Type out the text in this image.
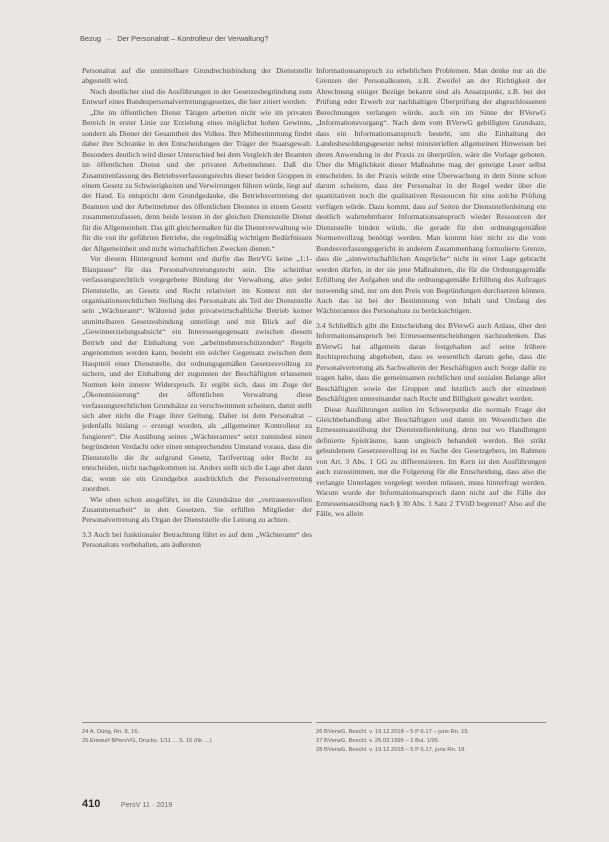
Bezug – Der Personalrat – Kontrolleur der Verwaltung?

Personalrat auf die unmittelbare Grundrechtsbindung der Dienststelle abgestellt wird.

Noch deutlicher sind die Ausführungen in der Gesetzesbegründung zum Entwurf eines Bundespersonalvertretungsgesetzes, die hier zitiert werden:

„Die im öffentlichen Dienst Tätigen arbeiten nicht wie im privaten Bereich in erster Linie zur Erzielung eines möglichst hohen Gewinns, sondern als Diener der Gesamtheit des Volkes. Ihre Mitbestimmung findet daher ihre Schranke in den Entscheidungen der Träger der Staatsgewalt. Besonders deutlich wird dieser Unterschied bei dem Vergleich der Beamten im öffentlichen Dienst und der privaten Arbeitnehmer. Daß die Zusammenfassung des Betriebsverfassungsrechts dieser beiden Gruppen in einem Gesetz zu Schwierigkeiten und Verwirrungen führen würde, liegt auf der Hand. Es entspricht dem Grundgedanke, die Betriebsvertretung der Beamten und der Arbeitnehmer des öffentlichen Dienstes in einem Gesetz zusammenzufassen, denn beide leisten in der gleichen Dienststelle Dienst für die Allgemeinheit. Das gilt gleichermaßen für die Dienstverwaltung wie für die von ihr geführten Betriebe, die regelmäßig wichtigen Bedürfnissen der Allgemeinheit und nicht wirtschaftlichen Zwecken dienen.“

Vor diesem Hintergrund kommt und durfte das BetrVG keine „1:1-Blaupause“ für das Personalvertretungsrecht sein. Die scheinbar verfassungsrechtlich vorgegebene Bindung der Verwaltung, also jeder Dienststelle, an Gesetz und Recht relativiert im Kontext mit der organisationsrechtlichen Stellung des Personalrats als Teil der Dienststelle sein „Wächteramt“. Während jeder privatwirtschaftliche Betrieb keiner unmittelbaren Gesetzesbindung unterliegt und mit Blick auf die „Gewinnerzielungsabsicht“ ein Interessengegensatz zwischen diesem Betrieb und der Einhaltung von „arbeitnehmerschützenden“ Regeln angenommen werden kann, besteht ein solcher Gegensatz zwischen dem Hauptteil einer Dienststelle, der ordnungsgemäßen Gesetzesvollzug zu sichern, und der Einhaltung der zugunsten der Beschäftigten erlassenen Normen kein innerer Widerspruch. Er ergibt sich, dass im Zuge der „Ökonomisierung“ der öffentlichen Verwaltung diese verfassungsrechtlichen Grundsätze zu verschwimmen scheinen, damit stellt sich aber nicht die Frage ihrer Geltung. Daher ist dem Personalrat – jedenfalls bislang – erzeugt worden, als „allgemeiner Kontrolleur zu fungieren“. Die Ausübung seines „Wächteramtes“ setzt zumindest einen begründeten Verdacht oder einen entsprechenden Umstand voraus, dass die Dienststelle die ihr aufgrund Gesetz, Tarifvertrag oder Recht zu entscheiden, nicht nachgekommen ist. Anders stellt sich die Lage aber dann dar, wenn sie ein Grundgebot ausdrücklich der Personalvertretung zuordnet.

Wie oben schon ausgeführt, ist die Grundsätze der „vertrauensvollen Zusammenarbeit“ in den Gesetzen. Sie erfüllen Mitglieder der Personalvertretung als Organ der Dienststelle die Leitung zu achten.

3.3 Auch bei funktionaler Betrachtung führt es auf dem „Wächteramt“ des Personalrats vorbehalten, am äußersten

Informationsanspruch zu erheblichen Problemen. Man denke nur an die Grenzen der Personalkosten, z.B. Zweifel an der Richtigkeit der Abrechnung einiger Bezüge bekannt sind als Ansatzpunkt, z.B. bei der Prüfung oder Erwerb zur nachhaltigen Überprüfung der abgeschlossenen Berechnungen verlangen würde, auch ein im Sinne der BVerwG „Informationsvorgang“. Nach dem vom BVerwG gebilligten Grundsatz, dass ein Informationsanspruch besteht, um die Einhaltung der Landesbesoldungsgesetze nebst ministeriellen allgemeinen Hinweisen bei deren Anwendung in der Praxis zu überprüfen, wäre die Vorlage geboten. Über die Möglichkeit dieser Maßnahme mag der geneigte Leser selbst entscheiden. In der Praxis würde eine Überwachung in dem Sinne schon darum scheitern, dass der Personalrat in der Regel weder über die quantitativen noch die qualitativen Ressourcen für eine solche Prüfung verfügen würde. Dazu kommt, dass auf Seiten der Dienststellenleitung ein deutlich wahrnehmbarer Informationsanspruch wieder Ressourcen der Dienststelle binden würde, die gerade für den ordnungsgemäßen Normenvollzug benötigt werden. Man kommt hier nicht zu die vom Bundesverfassungsgericht in anderem Zusammenhang formulierte Grenze, dass die „sinnwirtschaftlichen Ansprüche“ nicht in einer Lage gebracht werden dürfen, in der sie jene Maßnahmen, die für die Ordnungsgemäße Erfüllung der Aufgaben und die ordnungsgemäße Erfüllung des Auftrages notwendig sind, nur um den Preis von Begründungen durchsetzen können. Auch das ist bei der Bestimmung von Inhalt und Umfang des Wächteramtes des Personalrats zu berücksichtigen.

3.4 Schließlich gibt die Entscheidung des BVerwG auch Anlass, über den Informationsanspruch bei Ermessensentscheidungen nachzudenken. Das BVerwG hat allgemein daran festgehalten auf seine frühere Rechtsprechung abgehoben, dass es wesentlich darum gehe, dass die Personalvertretung als Sachwalterin der Beschäftigten auch Sorge dafür zu tragen habe, dass die gemeinsamen rechtlichen und sozialen Belange aller Beschäftigten sowie der Gruppen und letztlich auch der einzelnen Beschäftigten untereinander nach Recht und Billigkeit gewahrt werden.

Diese Ausführungen stellen im Schwerpunkt die normale Frage der Gleichbehandlung aller Beschäftigten und damit im Wesentlichen die Ermessensausübung der Dienststellenleitung, denn nur wo Handlungen definierte Spielräume, kann ungleich behandelt werden. Bei strikt gebundenem Gesetzesvollzug ist es Sache des Gesetzgebers, im Rahmen von Art. 3 Abs. 1 GG zu differenzieren. Im Kern ist den Ausführungen auch zuzustimmen, nur die Folgerung für die Entscheidung, dass also die verlangte Unterlagen vorgelegt werden müssen, muss hinterfragt werden. Warum wurde der Informationsanspruch dann nicht auf die Fälle der Ermessensausübung nach § 30 Abs. 1 Satz 2 TVöD begrenzt? Also auf die Fälle, wo allein

24 A. Dürig, Rn. 8, 16.
25 Entwurf BPersVG, Drucks. 1/11 ... S. 15 (Nr. ...)
26 BVerwG, Beschl. v. 19.12.2018 – 5 P 6.17 – juris Rn. 15.
27 BVerwG, Beschl. v. 25.03.1995 – 2 BvL 1/95.
28 BVerwG, Beschl. v. 19.12.2018 – 5 P 6.17, juris Rn. 19.
410	PersV 11 · 2019
